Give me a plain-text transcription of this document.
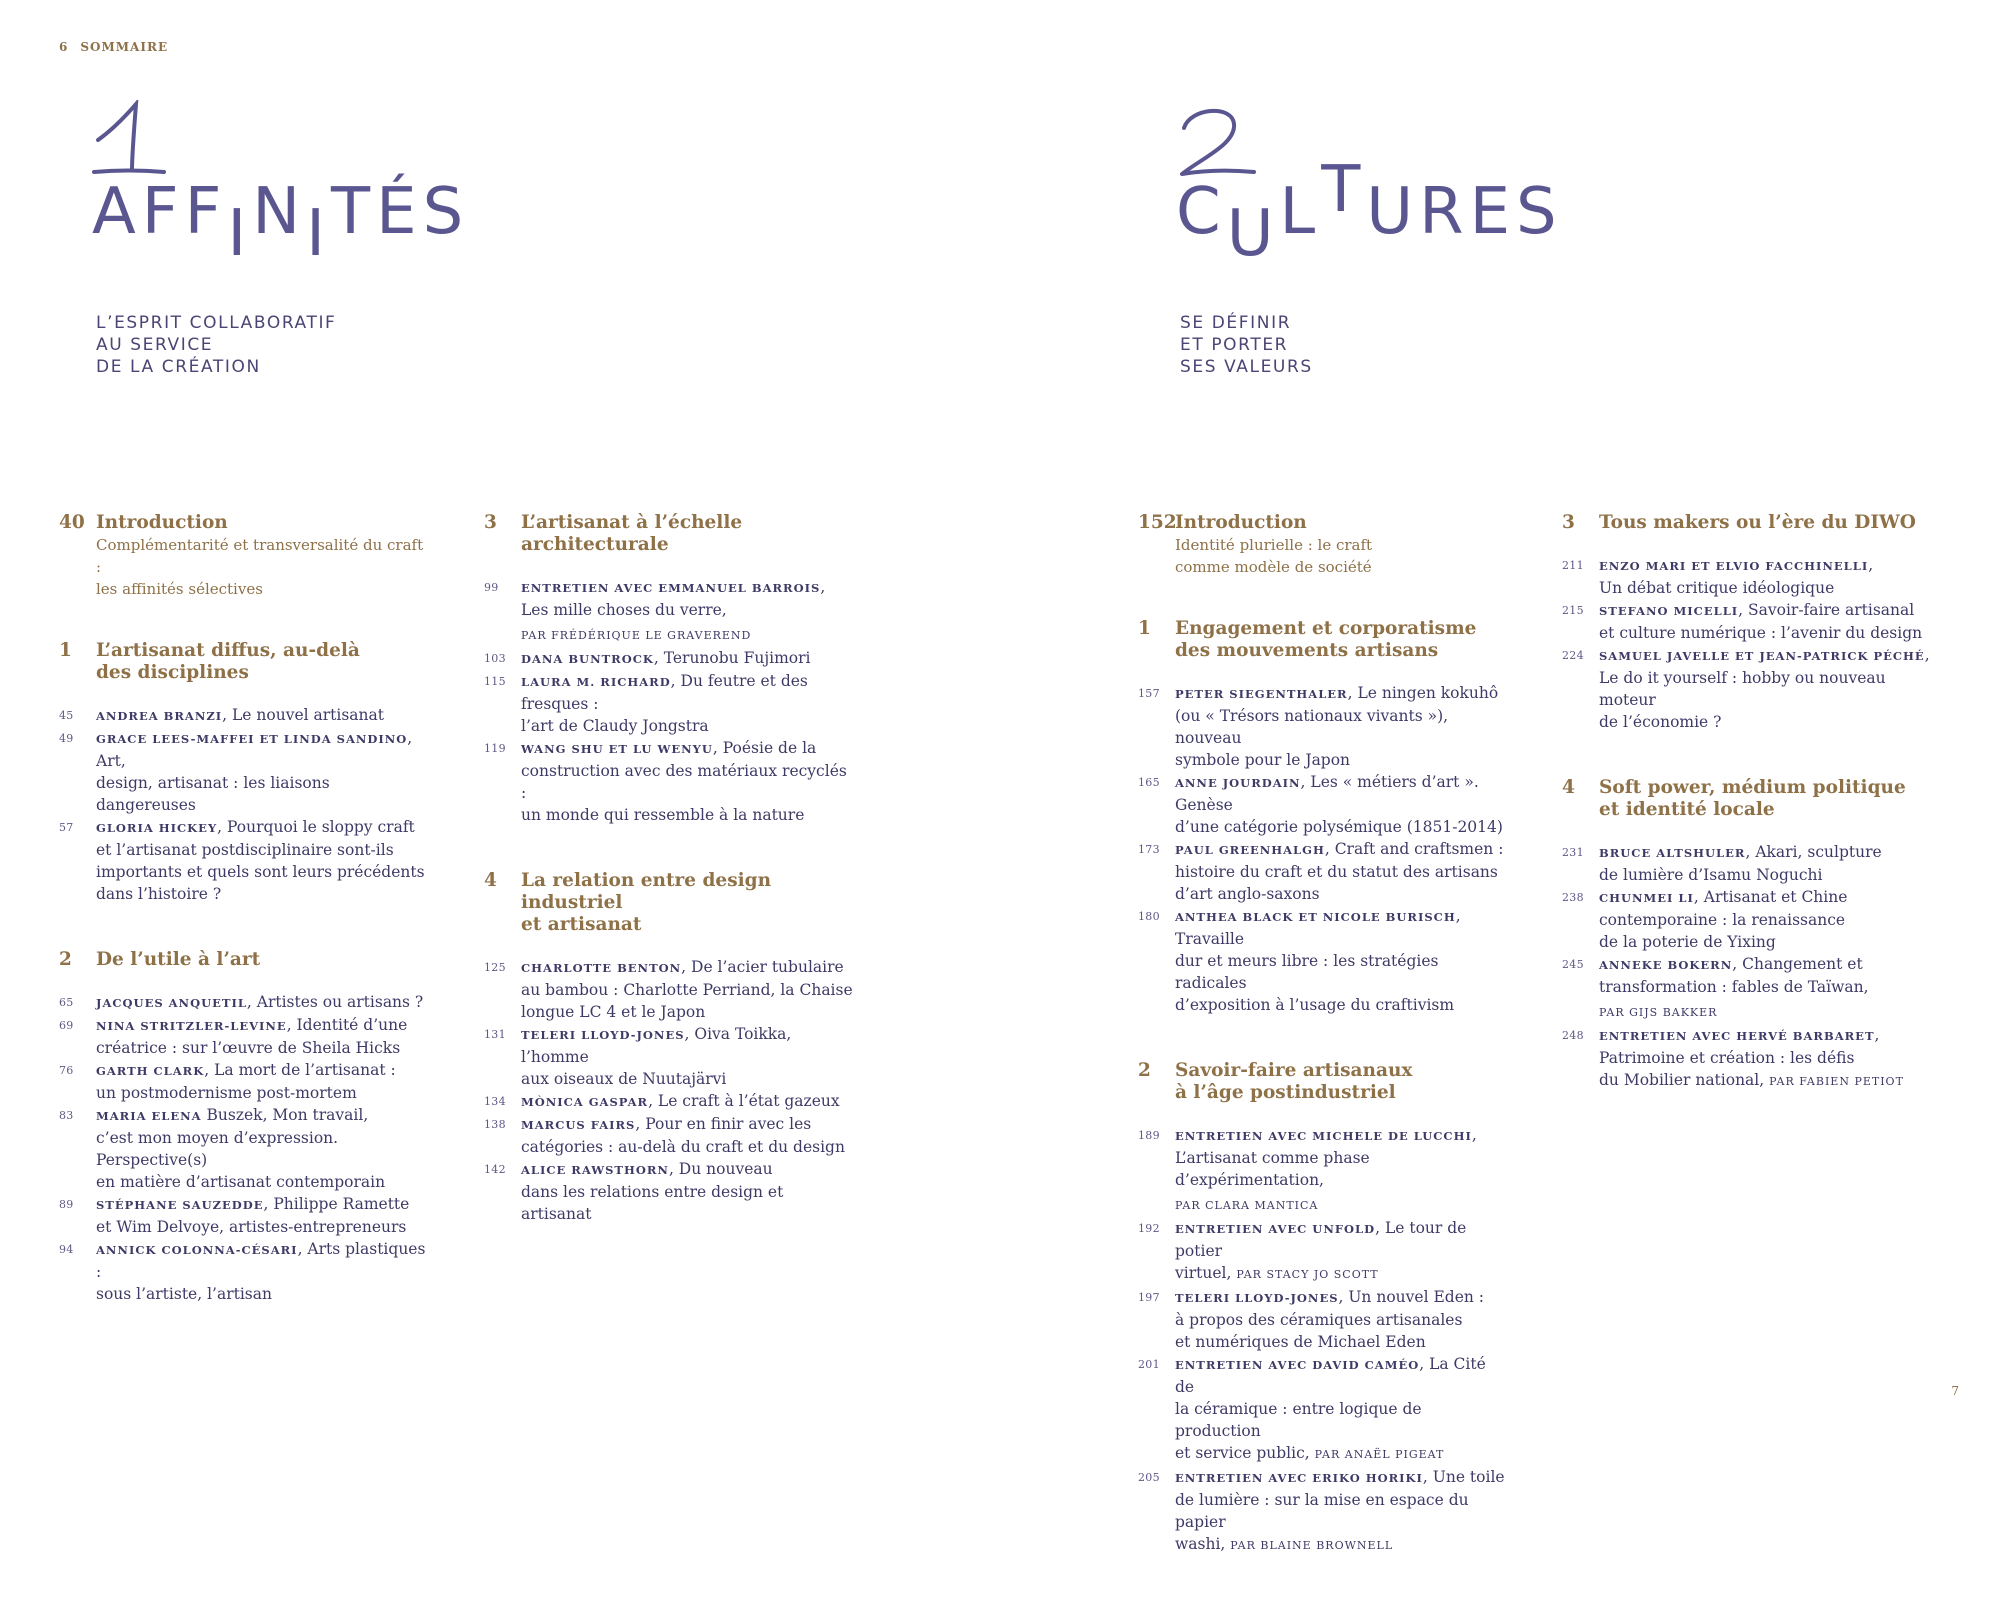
6 SOMMAIRE
AFFINITÉS
L’ESPRIT COLLABORATIF
AU SERVICE
DE LA CRÉATION
CULTURES
SE DÉFINIR
ET PORTER
SES VALEURS
40 Introduction
Complémentarité et transversalité du craft :
les affinités sélectives
1 L’artisanat diffus, au-delà
des disciplines
45 ANDREA BRANZI, Le nouvel artisanat
49 GRACE LEES-MAFFEI ET LINDA SANDINO, Art,
design, artisanat : les liaisons dangereuses
57 GLORIA HICKEY, Pourquoi le sloppy craft
et l’artisanat postdisciplinaire sont-ils
importants et quels sont leurs précédents
dans l’histoire ?
2 De l’utile à l’art
65 JACQUES ANQUETIL, Artistes ou artisans ?
69 NINA STRITZLER-LEVINE, Identité d’une
créatrice : sur l’œuvre de Sheila Hicks
76 GARTH CLARK, La mort de l’artisanat :
un postmodernisme post-mortem
83 MARIA ELENA Buszek, Mon travail,
c’est mon moyen d’expression. Perspective(s)
en matière d’artisanat contemporain
89 STÉPHANE SAUZEDDE, Philippe Ramette
et Wim Delvoye, artistes-entrepreneurs
94 ANNICK COLONNA-CÉSARI, Arts plastiques :
sous l’artiste, l’artisan
3 L’artisanat à l’échelle architecturale
99 ENTRETIEN AVEC EMMANUEL BARROIS,
Les mille choses du verre,
PAR FRÉDÉRIQUE LE GRAVEREND
103 DANA BUNTROCK, Terunobu Fujimori
115 LAURA M. RICHARD, Du feutre et des fresques :
l’art de Claudy Jongstra
119 WANG SHU ET LU WENYU, Poésie de la
construction avec des matériaux recyclés :
un monde qui ressemble à la nature
4 La relation entre design industriel
et artisanat
125 CHARLOTTE BENTON, De l’acier tubulaire
au bambou : Charlotte Perriand, la Chaise
longue LC 4 et le Japon
131 TELERI LLOYD-JONES, Oiva Toikka, l’homme
aux oiseaux de Nuutajärvi
134 MÒNICA GASPAR, Le craft à l’état gazeux
138 MARCUS FAIRS, Pour en finir avec les
catégories : au-delà du craft et du design
142 ALICE RAWSTHORN, Du nouveau
dans les relations entre design et artisanat
152
Introduction
Identité plurielle : le craft
comme modèle de société
1 Engagement et corporatisme
des mouvements artisans
157 PETER SIEGENTHALER, Le ningen kokuhô
(ou « Trésors nationaux vivants »), nouveau
symbole pour le Japon
165 ANNE JOURDAIN, Les « métiers d’art ». Genèse
d’une catégorie polysémique (1851-2014)
173 PAUL GREENHALGH, Craft and craftsmen :
histoire du craft et du statut des artisans
d’art anglo-saxons
180 ANTHEA BLACK ET NICOLE BURISCH, Travaille
dur et meurs libre : les stratégies radicales
d’exposition à l’usage du craftivism
2 Savoir-faire artisanaux
à l’âge postindustriel
189 ENTRETIEN AVEC MICHELE DE LUCCHI,
L’artisanat comme phase d’expérimentation,
PAR CLARA MANTICA
192 ENTRETIEN AVEC UNFOLD, Le tour de potier
virtuel, PAR STACY JO SCOTT
197 TELERI LLOYD-JONES, Un nouvel Eden :
à propos des céramiques artisanales
et numériques de Michael Eden
201 ENTRETIEN AVEC DAVID CAMÉO, La Cité de
la céramique : entre logique de production
et service public, PAR ANAËL PIGEAT
205 ENTRETIEN AVEC ERIKO HORIKI, Une toile
de lumière : sur la mise en espace du papier
washi, PAR BLAINE BROWNELL
3 Tous makers ou l’ère du DIWO
211 ENZO MARI ET ELVIO FACCHINELLI,
Un débat critique idéologique
215 STEFANO MICELLI, Savoir-faire artisanal
et culture numérique : l’avenir du design
224 SAMUEL JAVELLE ET JEAN-PATRICK PÉCHÉ,
Le do it yourself : hobby ou nouveau moteur
de l’économie ?
4 Soft power, médium politique
et identité locale
231 BRUCE ALTSHULER, Akari, sculpture
de lumière d’Isamu Noguchi
238 CHUNMEI LI, Artisanat et Chine
contemporaine : la renaissance
de la poterie de Yixing
245 ANNEKE BOKERN, Changement et
transformation : fables de Taïwan,
PAR GIJS BAKKER
248 ENTRETIEN AVEC HERVÉ BARBARET,
Patrimoine et création : les défis
du Mobilier national, PAR FABIEN PETIOT
7
